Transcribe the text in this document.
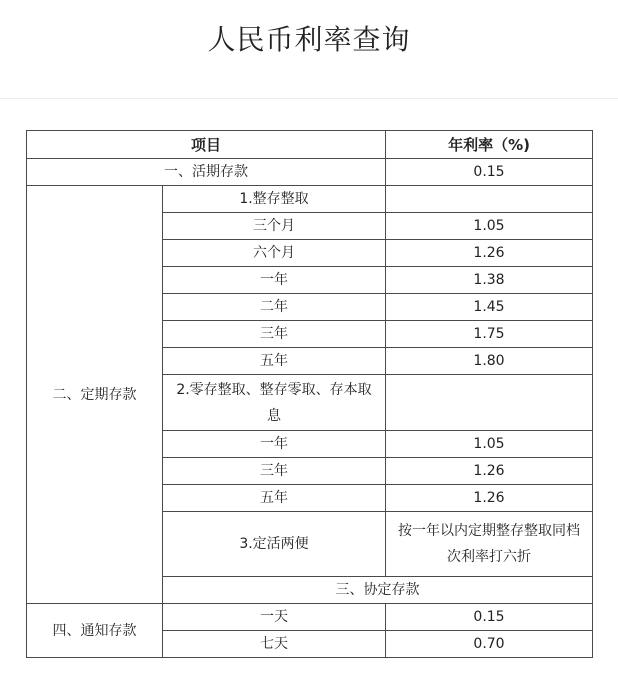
人民币利率查询
项目		年利率（%)	
一、活期存款		0.15	
二、定期存款	1.整存整取		
	三个月	1.05	
	六个月	1.26	
	一年	1.38	
	二年	1.45	
	三年	1.75	
	五年	1.80	
	2.零存整取、整存零取、存本取息		
	一年	1.05	
	三年	1.26	
	五年	1.26	
	3.定活两便	按一年以内定期整存整取同档次利率打六折	
	三、协定存款	
四、通知存款	一天	0.15	
	七天	0.70	
